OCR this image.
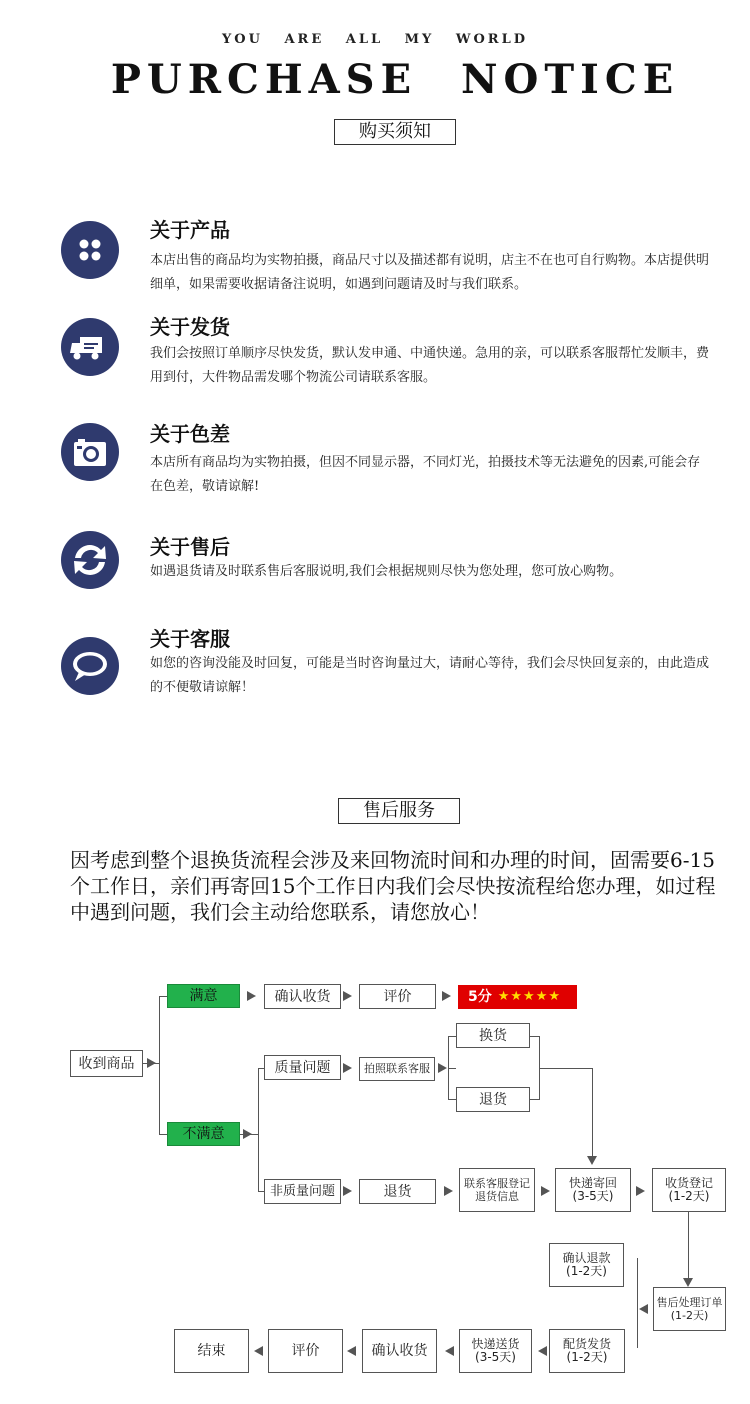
YOU ARE ALL MY WORLD
PURCHASE NOTICE
购买须知
关于产品
本店出售的商品均为实物拍摄，商品尺寸以及描述都有说明，店主不在也可自行购物。本店提供明细单，如果需要收据请备注说明，如遇到问题请及时与我们联系。
关于发货
我们会按照订单顺序尽快发货，默认发申通、中通快递。急用的亲，可以联系客服帮忙发顺丰，费用到付，大件物品需发哪个物流公司请联系客服。
关于色差
本店所有商品均为实物拍摄，但因不同显示器，不同灯光，拍摄技术等无法避免的因素,可能会存在色差，敬请谅解!
关于售后
如遇退货请及时联系售后客服说明,我们会根据规则尽快为您处理，您可放心购物。
关于客服
如您的咨询没能及时回复，可能是当时咨询量过大，请耐心等待，我们会尽快回复亲的，由此造成的不便敬请谅解！
售后服务
因考虑到整个退换货流程会涉及来回物流时间和办理的时间，固需要6-15个工作日，亲们再寄回15个工作日内我们会尽快按流程给您办理，如过程中遇到问题，我们会主动给您联系，请您放心！
收到商品
满意
不满意
确认收货	评价	5分 ★★★★★
质量问题	拍照联系客服
换货
退货
非质量问题	退货	联系客服登记
退货信息
快递寄回
(3-5天)
收货登记
(1-2天)
确认退款
(1-2天)
售后处理订单
(1-2天)
配货发货
(1-2天)
快递送货
(3-5天)
确认收货
评价
结束
